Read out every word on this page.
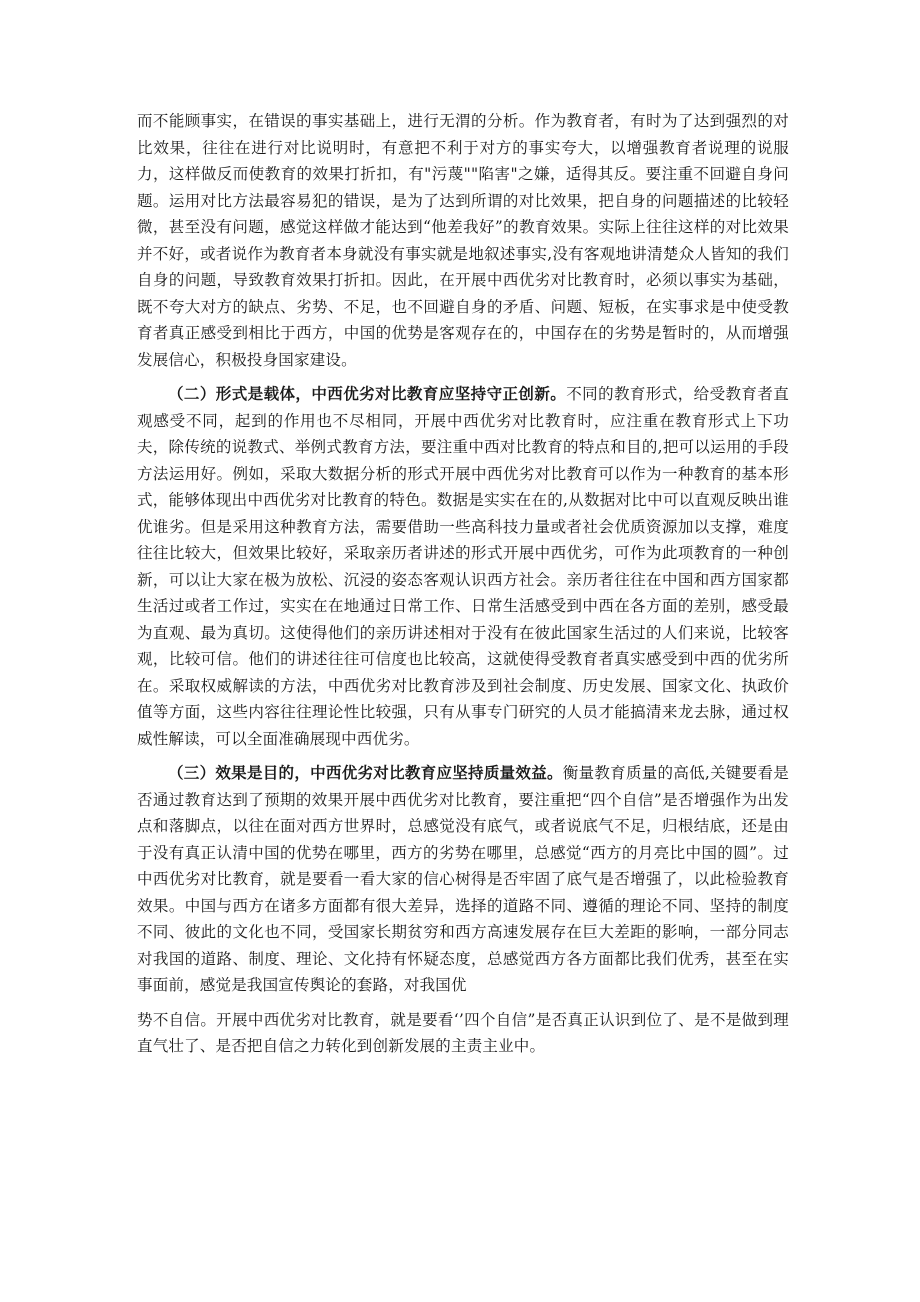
而不能顾事实，在错误的事实基础上，进行无渭的分析。作为教育者，有时为了达到强烈的对比效果，往往在进行对比说明时，有意把不利于对方的事实夸大，以增强教育者说理的说服力，这样做反而使教育的效果打折扣，有"污蔑""陷害"之嫌，适得其反。要注重不回避自身问题。运用对比方法最容易犯的错误，是为了达到所谓的对比效果，把自身的问题描述的比较轻微，甚至没有问题，感觉这样做才能达到“他差我好”的教育效果。实际上往往这样的对比效果并不好，或者说作为教育者本身就没有事实就是地叙述事实,没有客观地讲清楚众人皆知的我们自身的问题，导致教育效果打折扣。因此，在开展中西优劣对比教育时，必须以事实为基础，既不夸大对方的缺点、劣势、不足，也不回避自身的矛盾、问题、短板，在实事求是中使受教育者真正感受到相比于西方，中国的优势是客观存在的，中国存在的劣势是暂时的，从而增强发展信心，积极投身国家建设。

（二）形式是载体，中西优劣对比教育应坚持守正创新。不同的教育形式，给受教育者直观感受不同，起到的作用也不尽相同，开展中西优劣对比教育时，应注重在教育形式上下功夫，除传统的说教式、举例式教育方法，要注重中西对比教育的特点和目的,把可以运用的手段方法运用好。例如，采取大数据分析的形式开展中西优劣对比教育可以作为一种教育的基本形式，能够体现出中西优劣对比教育的特色。数据是实实在在的,从数据对比中可以直观反映出谁优谁劣。但是采用这种教育方法，需要借助一些高科技力量或者社会优质资源加以支撑，难度往往比较大，但效果比较好，采取亲历者讲述的形式开展中西优劣，可作为此项教育的一种创新，可以让大家在极为放松、沉浸的姿态客观认识西方社会。亲历者往往在中国和西方国家都生活过或者工作过，实实在在地通过日常工作、日常生活感受到中西在各方面的差别，感受最为直观、最为真切。这使得他们的亲历讲述相对于没有在彼此国家生活过的人们来说，比较客观，比较可信。他们的讲述往往可信度也比较高，这就使得受教育者真实感受到中西的优劣所在。采取权威解读的方法，中西优劣对比教育涉及到社会制度、历史发展、国家文化、执政价值等方面，这些内容往往理论性比较强，只有从事专门研究的人员才能搞清来龙去脉，通过权威性解读，可以全面准确展现中西优劣。

（三）效果是目的，中西优劣对比教育应坚持质量效益。衡量教育质量的高低,关键要看是否通过教育达到了预期的效果开展中西优劣对比教育，要注重把“四个自信”是否增强作为出发点和落脚点，以往在面对西方世界时，总感觉没有底气，或者说底气不足，归根结底，还是由于没有真正认清中国的优势在哪里，西方的劣势在哪里，总感觉“西方的月亮比中国的圆”。过中西优劣对比教育，就是要看一看大家的信心树得是否牢固了底气是否增强了，以此检验教育效果。中国与西方在诸多方面都有很大差异，选择的道路不同、遵循的理论不同、坚持的制度不同、彼此的文化也不同，受国家长期贫穷和西方高速发展存在巨大差距的影响，一部分同志对我国的道路、制度、理论、文化持有怀疑态度，总感觉西方各方面都比我们优秀，甚至在实事面前，感觉是我国宣传舆论的套路，对我国优

势不自信。开展中西优劣对比教育，就是要看‘’四个自信”是否真正认识到位了、是不是做到理直气壮了、是否把自信之力转化到创新发展的主责主业中。
